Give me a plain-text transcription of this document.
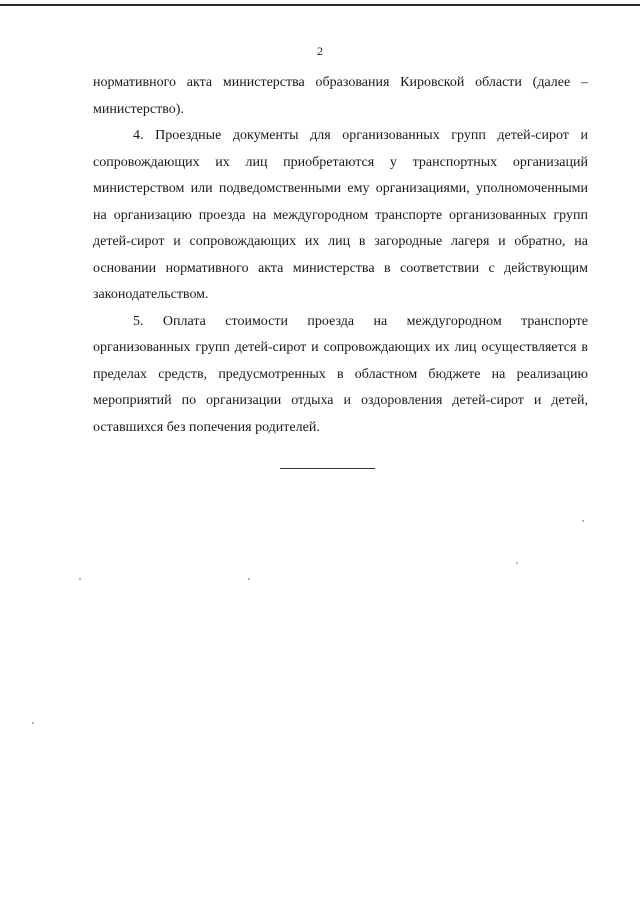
2

нормативного акта министерства образования Кировской области (далее – министерство).

4. Проездные документы для организованных групп детей-сирот и сопровождающих их лиц приобретаются у транспортных организаций министерством или подведомственными ему организациями, уполномоченными на организацию проезда на междугородном транспорте организованных групп детей-сирот и сопровождающих их лиц в загородные лагеря и обратно, на основании нормативного акта министерства в соответствии с действующим законодательством.

5. Оплата стоимости проезда на междугородном транспорте организованных групп детей-сирот и сопровождающих их лиц осуществляется в пределах средств, предусмотренных в областном бюджете на реализацию мероприятий по организации отдыха и оздоровления детей-сирот и детей, оставшихся без попечения родителей.
